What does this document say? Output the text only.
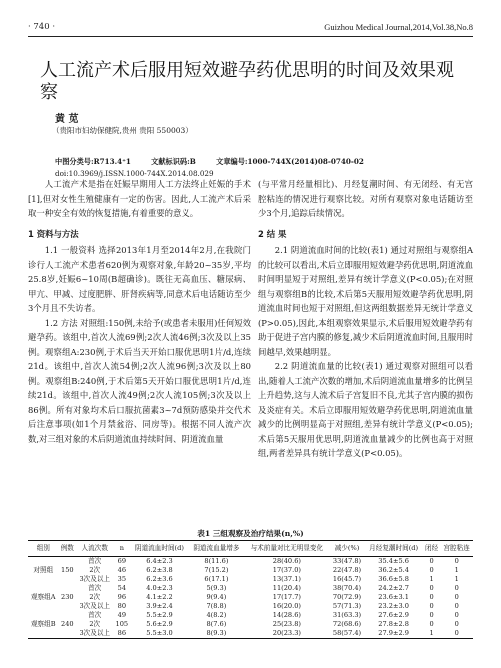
· 740 ·	Guizhou Medical Journal,2014,Vol.38,No.8
人工流产术后服用短效避孕药优思明的时间及效果观察
黄 苋
（贵阳市妇幼保健院,贵州 贵阳 550003）
中图分类号:R713.4⁺1	文献标识码:B	文章编号:1000-744X(2014)08-0740-02
doi:10.3969/j.ISSN.1000-744X.2014.08.029

人工流产术是指在妊娠早期用人工方法终止妊娠的手术[1],但对女性生殖健康有一定的伤害。因此,人工流产术后采取一种安全有效的恢复措施,有着重要的意义。

1 资料与方法

1.1 一般资料 选择2013年1月至2014年2月,在我院门诊行人工流产术患者620例为观察对象,年龄20~35岁,平均25.8岁,妊娠6~10周(B超确诊)。既往无高血压、糖尿病、甲亢、甲减、过度肥胖、肝肾疾病等,同意术后电话随访至少3个月且不失访者。

1.2 方法 对照组:150例,未给予(或患者未服用)任何短效避孕药。该组中,首次人流69例;2次人流46例;3次及以上35例。观察组A:230例,于术后当天开始口服优思明1片/d,连续21d。该组中,首次人流54例;2次人流96例;3次及以上80例。观察组B:240例,于术后第5天开始口服优思明1片/d,连续21d。该组中,首次人流49例;2次人流105例;3次及以上86例。所有对象均术后口服抗菌素3~7d预防感染并交代术后注意事项(如1个月禁盆浴、同房等)。根据不同人流产次数,对三组对象的术后阴道流血持续时间、阴道流血量

(与平常月经量相比)、月经复潮时间、有无闭经、有无宫腔粘连的情况进行观察比较。对所有观察对象电话随访至少3个月,追踪后续情况。

2 结 果

2.1 阴道流血时间的比较(表1) 通过对照组与观察组A的比较可以看出,术后立即服用短效避孕药优思明,阴道流血时间明显短于对照组,差异有统计学意义(P<0.05);在对照组与观察组B的比较,术后第5天服用短效避孕药优思明,阴道流血时间也短于对照组,但这两组数据差异无统计学意义(P>0.05),因此,本组观察效果显示,术后服用短效避孕药有助于促进子宫内膜的修复,减少术后阴道流血时间,且服用时间越早,效果越明显。

2.2 阴道流血量的比较(表1) 通过观察对照组可以看出,随着人工流产次数的增加,术后阴道流血量增多的比例呈上升趋势,这与人流术后子宫复旧不良,尤其子宫内膜的损伤及炎症有关。术后立即服用短效避孕药优思明,阴道流血量减少的比例明显高于对照组,差异有统计学意义(P<0.05);术后第5天服用优思明,阴道流血量减少的比例也高于对照组,两者差异具有统计学意义(P<0.05)。

表1 三组观察及治疗结果(n,%)
组别	例数	人流次数	n	阴道流血时间(d)	阴道流血量增多	与术前量对比无明显变化	减少(%)	月经复潮时间(d)	闭经	宫腔粘连
		首次	69	6.4±2.3	8(11.6)	28(40.6)	33(47.8)	35.4±5.6	0	0
对照组	150	2次	46	6.2±3.8	7(15.2)	17(37.0)	22(47.8)	36.2±5.4	0	1
		3次及以上	35	6.2±3.6	6(17.1)	13(37.1)	16(45.7)	36.6±5.8	1	1
		首次	54	4.0±2.3	5(9.3)	11(20.4)	38(70.4)	24.2±2.7	0	0
观察组A	230	2次	96	4.1±2.2	9(9.4)	17(17.7)	70(72.9)	23.6±3.1	0	0
		3次及以上	80	3.9±2.4	7(8.8)	16(20.0)	57(71.3)	23.2±3.0	0	0
		首次	49	5.5±2.9	4(8.2)	14(28.6)	31(63.3)	27.6±2.9	0	0
观察组B	240	2次	105	5.6±2.9	8(7.6)	25(23.8)	72(68.6)	27.8±2.8	0	0
		3次及以上	86	5.5±3.0	8(9.3)	20(23.3)	58(57.4)	27.9±2.9	1	0
